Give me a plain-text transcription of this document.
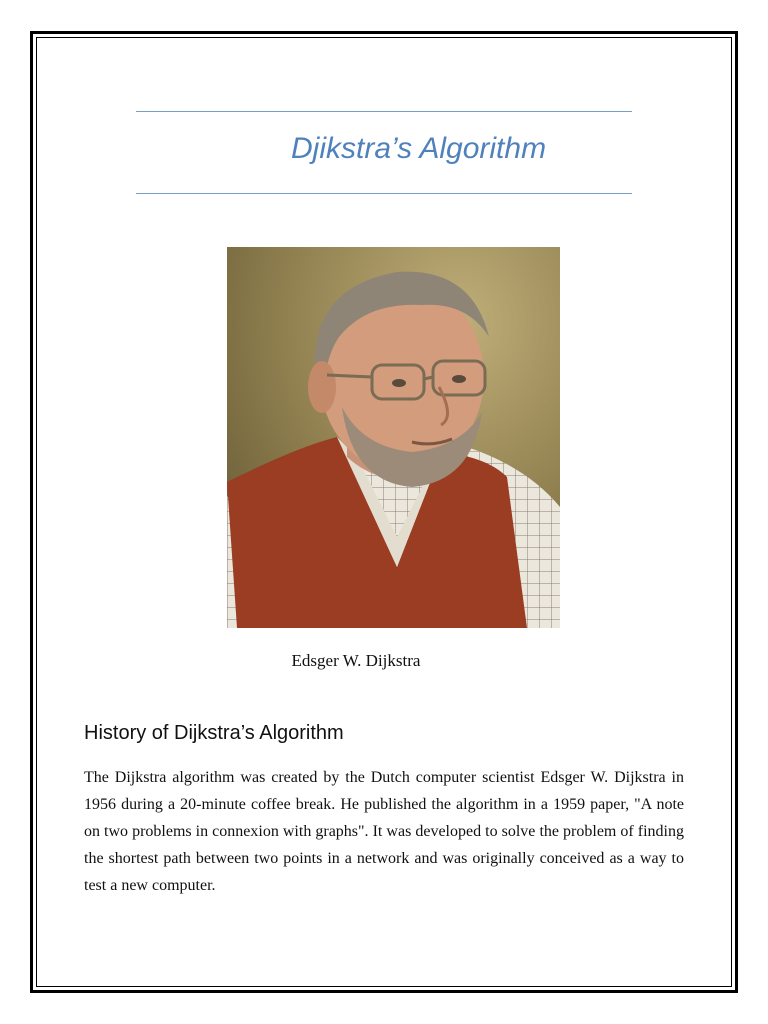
Djikstra’s Algorithm
Edsger W. Dijkstra
History of Dijkstra’s Algorithm
The Dijkstra algorithm was created by the Dutch computer scientist Edsger W. Dijkstra in 1956 during a 20-minute coffee break. He published the algorithm in a 1959 paper, "A note on two problems in connexion with graphs". It was developed to solve the problem of finding the shortest path between two points in a network and was originally conceived as a way to test a new computer.
